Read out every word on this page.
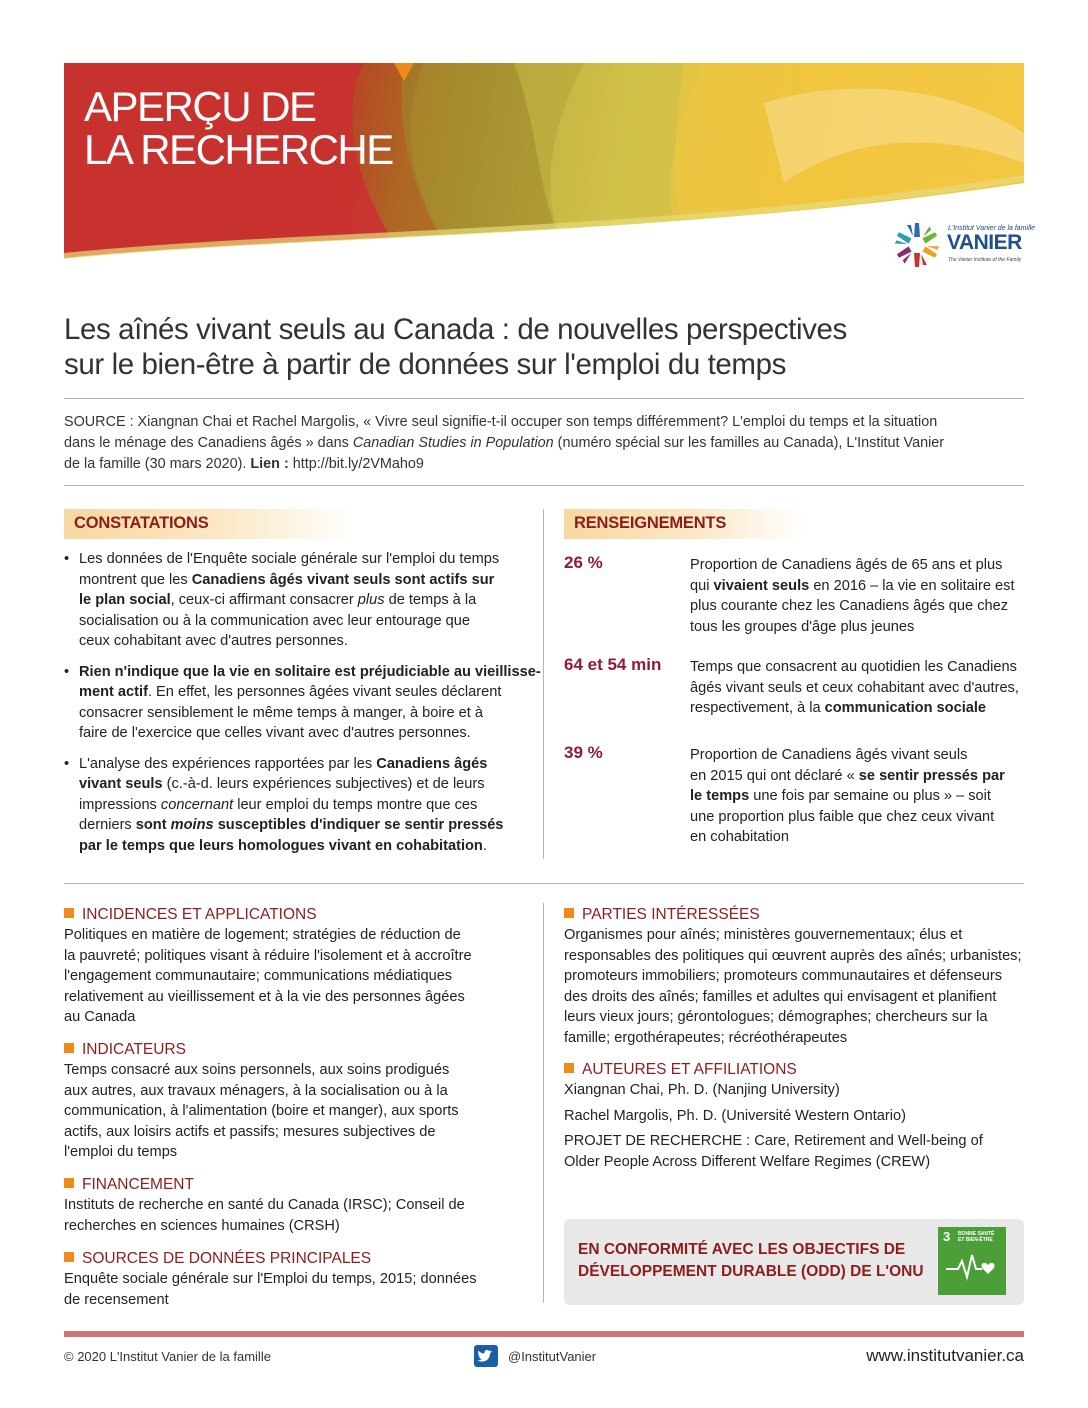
APERÇU DE
LA RECHERCHE
L'Institut Vanier de la famille
VANIER
The Vanier Institute of the Family
Les aînés vivant seuls au Canada : de nouvelles perspectives
sur le bien-être à partir de données sur l'emploi du temps
SOURCE : Xiangnan Chai et Rachel Margolis, « Vivre seul signifie-t-il occuper son temps différemment? L'emploi du temps et la situation
dans le ménage des Canadiens âgés » dans Canadian Studies in Population (numéro spécial sur les familles au Canada), L'Institut Vanier
de la famille (30 mars 2020). Lien : http://bit.ly/2VMaho9
CONSTATATIONS	RENSEIGNEMENTS
• Les données de l'Enquête sociale générale sur l'emploi du temps
montrent que les Canadiens âgés vivant seuls sont actifs sur
le plan social, ceux-ci affirmant consacrer plus de temps à la
socialisation ou à la communication avec leur entourage que
ceux cohabitant avec d'autres personnes.
• Rien n'indique que la vie en solitaire est préjudiciable au vieillisse-
ment actif. En effet, les personnes âgées vivant seules déclarent
consacrer sensiblement le même temps à manger, à boire et à
faire de l'exercice que celles vivant avec d'autres personnes.
• L'analyse des expériences rapportées par les Canadiens âgés
vivant seuls (c.-à-d. leurs expériences subjectives) et de leurs
impressions concernant leur emploi du temps montre que ces
derniers sont moins susceptibles d'indiquer se sentir pressés
par le temps que leurs homologues vivant en cohabitation.
26 %	Proportion de Canadiens âgés de 65 ans et plus
qui vivaient seuls en 2016 – la vie en solitaire est
plus courante chez les Canadiens âgés que chez
tous les groupes d'âge plus jeunes
64 et 54 min Temps que consacrent au quotidien les Canadiens
âgés vivant seuls et ceux cohabitant avec d'autres,
respectivement, à la communication sociale
39 %	Proportion de Canadiens âgés vivant seuls
en 2015 qui ont déclaré « se sentir pressés par
le temps une fois par semaine ou plus » – soit
une proportion plus faible que chez ceux vivant
en cohabitation
INCIDENCES ET APPLICATIONS
Politiques en matière de logement; stratégies de réduction de
la pauvreté; politiques visant à réduire l'isolement et à accroître
l'engagement communautaire; communications médiatiques
relativement au vieillissement et à la vie des personnes âgées
au Canada
INDICATEURS
Temps consacré aux soins personnels, aux soins prodigués
aux autres, aux travaux ménagers, à la socialisation ou à la
communication, à l'alimentation (boire et manger), aux sports
actifs, aux loisirs actifs et passifs; mesures subjectives de
l'emploi du temps
FINANCEMENT
Instituts de recherche en santé du Canada (IRSC); Conseil de
recherches en sciences humaines (CRSH)
SOURCES DE DONNÉES PRINCIPALES
Enquête sociale générale sur l'Emploi du temps, 2015; données
de recensement
PARTIES INTÉRESSÉES
Organismes pour aînés; ministères gouvernementaux; élus et
responsables des politiques qui œuvrent auprès des aînés; urbanistes;
promoteurs immobiliers; promoteurs communautaires et défenseurs
des droits des aînés; familles et adultes qui envisagent et planifient
leurs vieux jours; gérontologues; démographes; chercheurs sur la
famille; ergothérapeutes; récréothérapeutes
AUTEURES ET AFFILIATIONS
Xiangnan Chai, Ph. D. (Nanjing University)
Rachel Margolis, Ph. D. (Université Western Ontario)
PROJET DE RECHERCHE : Care, Retirement and Well-being of
Older People Across Different Welfare Regimes (CREW)
EN CONFORMITÉ AVEC LES OBJECTIFS DE
DÉVELOPPEMENT DURABLE (ODD) DE L'ONU
3 BONNE SANTÉ
ET BIEN-ÊTRE
© 2020 L'Institut Vanier de la famille	@InstitutVanier	www.institutvanier.ca
